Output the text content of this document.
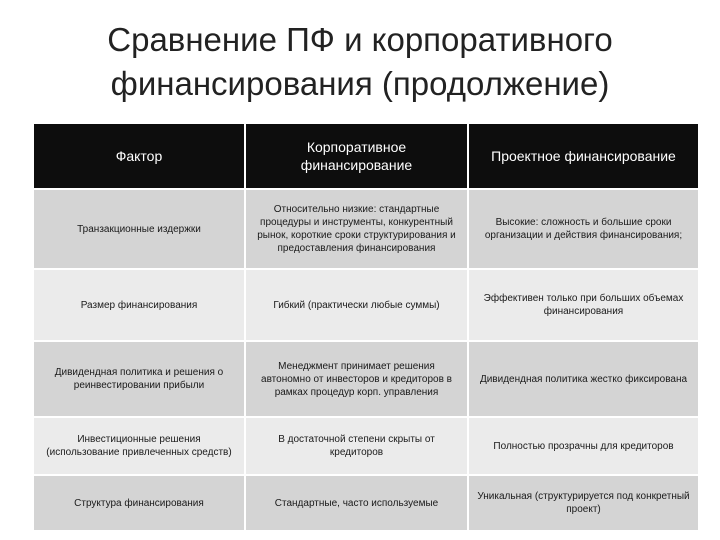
Сравнение ПФ и корпоративного финансирования (продолжение)
Фактор	Корпоративное финансирование	Проектное финансирование
Транзакционные издержки	Относительно низкие: стандартные процедуры и инструменты, конкурентный рынок, короткие сроки структурирования и предоставления финансирования	Высокие: сложность и большие сроки организации и действия финансирования;
Размер финансирования	Гибкий (практически любые суммы)	Эффективен только при больших объемах финансирования
Дивидендная политика и решения о реинвестировании прибыли	Менеджмент принимает решения автономно от инвесторов и кредиторов в рамках процедур корп. управления	Дивидендная политика жестко фиксирована
Инвестиционные решения (использование привлеченных средств)	В достаточной степени скрыты от кредиторов	Полностью прозрачны для кредиторов
Структура финансирования	Стандартные, часто используемые	Уникальная (структурируется под конкретный проект)
